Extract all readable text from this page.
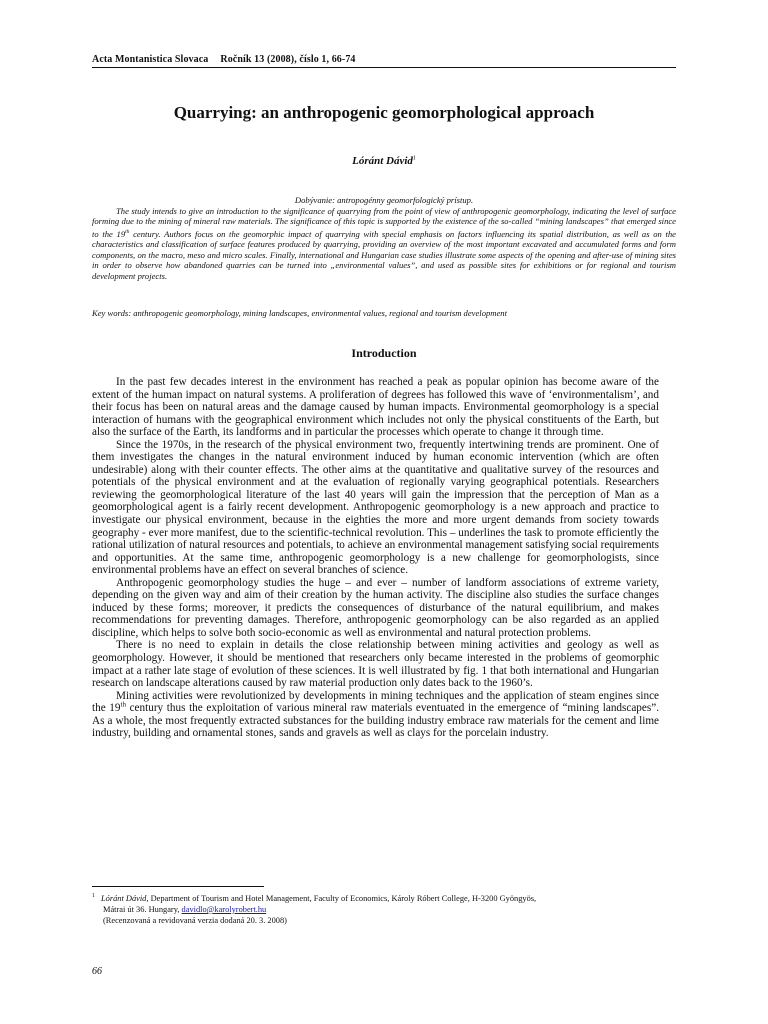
Acta Montanistica Slovaca Ročník 13 (2008), číslo 1, 66-74
Quarrying: an anthropogenic geomorphological approach
Lóránt Dávid$^1$
Dobývanie: antropogénny geomorfologický prístup.
The study intends to give an introduction to the significance of quarrying from the point of view of anthropogenic geomorphology, indicating the level of surface forming due to the mining of mineral raw materials. The significance of this topic is supported by the existence of the so-called “mining landscapes” that emerged since to the 19th century. Authors focus on the geomorphic impact of quarrying with special emphasis on factors influencing its spatial distribution, as well as on the characteristics and classification of surface features produced by quarrying, providing an overview of the most important excavated and accumulated forms and form components, on the macro, meso and micro scales. Finally, international and Hungarian case studies illustrate some aspects of the opening and after-use of mining sites in order to observe how abandoned quarries can be turned into „environmental values”, and used as possible sites for exhibitions or for regional and tourism development projects.
Key words: anthropogenic geomorphology, mining landscapes, environmental values, regional and tourism development
Introduction

In the past few decades interest in the environment has reached a peak as popular opinion has become aware of the extent of the human impact on natural systems. A proliferation of degrees has followed this wave of ‘environmentalism’, and their focus has been on natural areas and the damage caused by human impacts. Environmental geomorphology is a special interaction of humans with the geographical environment which includes not only the physical constituents of the Earth, but also the surface of the Earth, its landforms and in particular the processes which operate to change it through time.

Since the 1970s, in the research of the physical environment two, frequently intertwining trends are prominent. One of them investigates the changes in the natural environment induced by human economic intervention (which are often undesirable) along with their counter effects. The other aims at the quantitative and qualitative survey of the resources and potentials of the physical environment and at the evaluation of regionally varying geographical potentials. Researchers reviewing the geomorphological literature of the last 40 years will gain the impression that the perception of Man as a geomorphological agent is a fairly recent development. Anthropogenic geomorphology is a new approach and practice to investigate our physical environment, because in the eighties the more and more urgent demands from society towards geography - ever more manifest, due to the scientific-technical revolution. This – underlines the task to promote efficiently the rational utilization of natural resources and potentials, to achieve an environmental management satisfying social requirements and opportunities. At the same time, anthropogenic geomorphology is a new challenge for geomorphologists, since environmental problems have an effect on several branches of science.

Anthropogenic geomorphology studies the huge – and ever – number of landform associations of extreme variety, depending on the given way and aim of their creation by the human activity. The discipline also studies the surface changes induced by these forms; moreover, it predicts the consequences of disturbance of the natural equilibrium, and makes recommendations for preventing damages. Therefore, anthropogenic geomorphology can be also regarded as an applied discipline, which helps to solve both socio-economic as well as environmental and natural protection problems.

There is no need to explain in details the close relationship between mining activities and geology as well as geomorphology. However, it should be mentioned that researchers only became interested in the problems of geomorphic impact at a rather late stage of evolution of these sciences. It is well illustrated by fig. 1 that both international and Hungarian research on landscape alterations caused by raw material production only dates back to the 1960’s.

Mining activities were revolutionized by developments in mining techniques and the application of steam engines since the 19th century thus the exploitation of various mineral raw materials eventuated in the emergence of “mining landscapes”. As a whole, the most frequently extracted substances for the building industry embrace raw materials for the cement and lime industry, building and ornamental stones, sands and gravels as well as clays for the porcelain industry.

$^1$ Lóránt Dávid, Department of Tourism and Hotel Management, Faculty of Economics, Károly Róbert College, H-3200 Gyöngyös,
Mátrai út 36. Hungary, davidlo@karolyrobert.hu
(Recenzovaná a revidovaná verzia dodaná 20. 3. 2008)
66
